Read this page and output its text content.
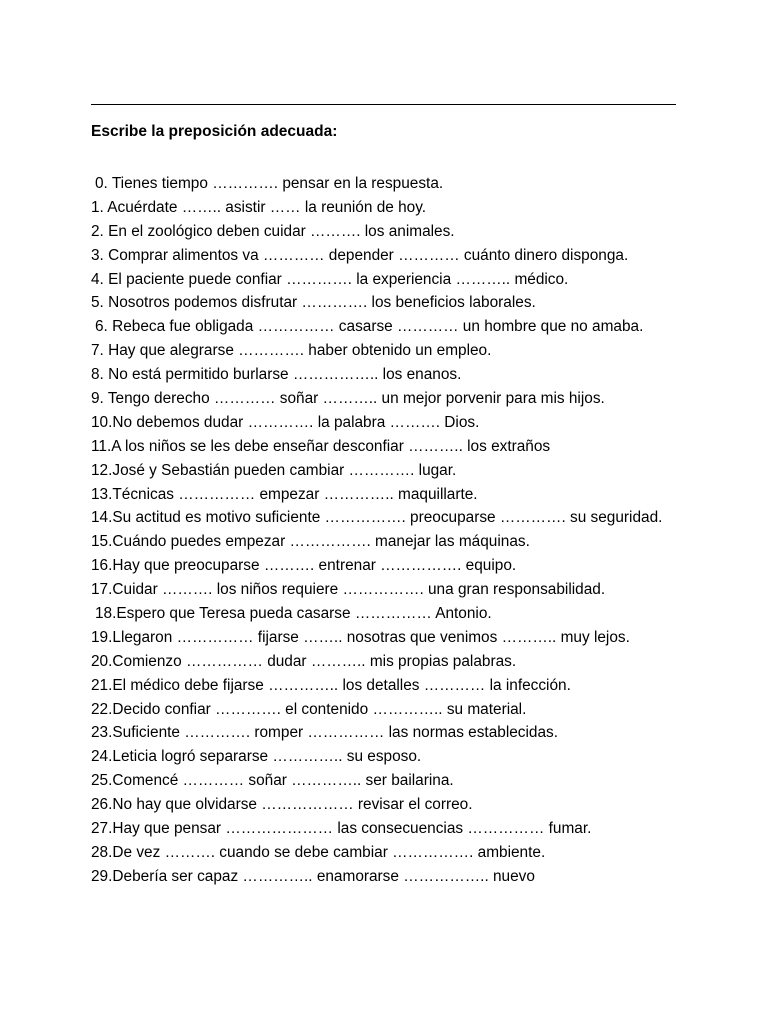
Escribe la preposición adecuada:
0. Tienes tiempo …………. pensar en la respuesta.
1. Acuérdate …….. asistir …… la reunión de hoy.
2. En el zoológico deben cuidar ………. los animales.
3. Comprar alimentos va ………… depender ………… cuánto dinero disponga.
4. El paciente puede confiar …………. la experiencia ……….. médico.
5. Nosotros podemos disfrutar …………. los beneficios laborales.
6. Rebeca fue obligada …………… casarse ………… un hombre que no amaba.
7. Hay que alegrarse …………. haber obtenido un empleo.
8. No está permitido burlarse …………….. los enanos.
9. Tengo derecho ………… soñar ……….. un mejor porvenir para mis hijos.
10.No debemos dudar …………. la palabra ………. Dios.
11.A los niños se les debe enseñar desconfiar ……….. los extraños
12.José y Sebastián pueden cambiar …………. lugar.
13.Técnicas …………… empezar ………….. maquillarte.
14.Su actitud es motivo suficiente ……………. preocuparse …………. su seguridad.
15.Cuándo puedes empezar ……………. manejar las máquinas.
16.Hay que preocuparse ………. entrenar ……………. equipo.
17.Cuidar ………. los niños requiere ……………. una gran responsabilidad.
18.Espero que Teresa pueda casarse …………… Antonio.
19.Llegaron …………… fijarse …….. nosotras que venimos ……….. muy lejos.
20.Comienzo …………… dudar ……….. mis propias palabras.
21.El médico debe fijarse ………….. los detalles ………… la infección.
22.Decido confiar …………. el contenido ………….. su material.
23.Suficiente …………. romper …………… las normas establecidas.
24.Leticia logró separarse ………….. su esposo.
25.Comencé ………… soñar ………….. ser bailarina.
26.No hay que olvidarse ……………… revisar el correo.
27.Hay que pensar ………………… las consecuencias …………… fumar.
28.De vez ………. cuando se debe cambiar ……………. ambiente.
29.Debería ser capaz ………….. enamorarse …………….. nuevo
